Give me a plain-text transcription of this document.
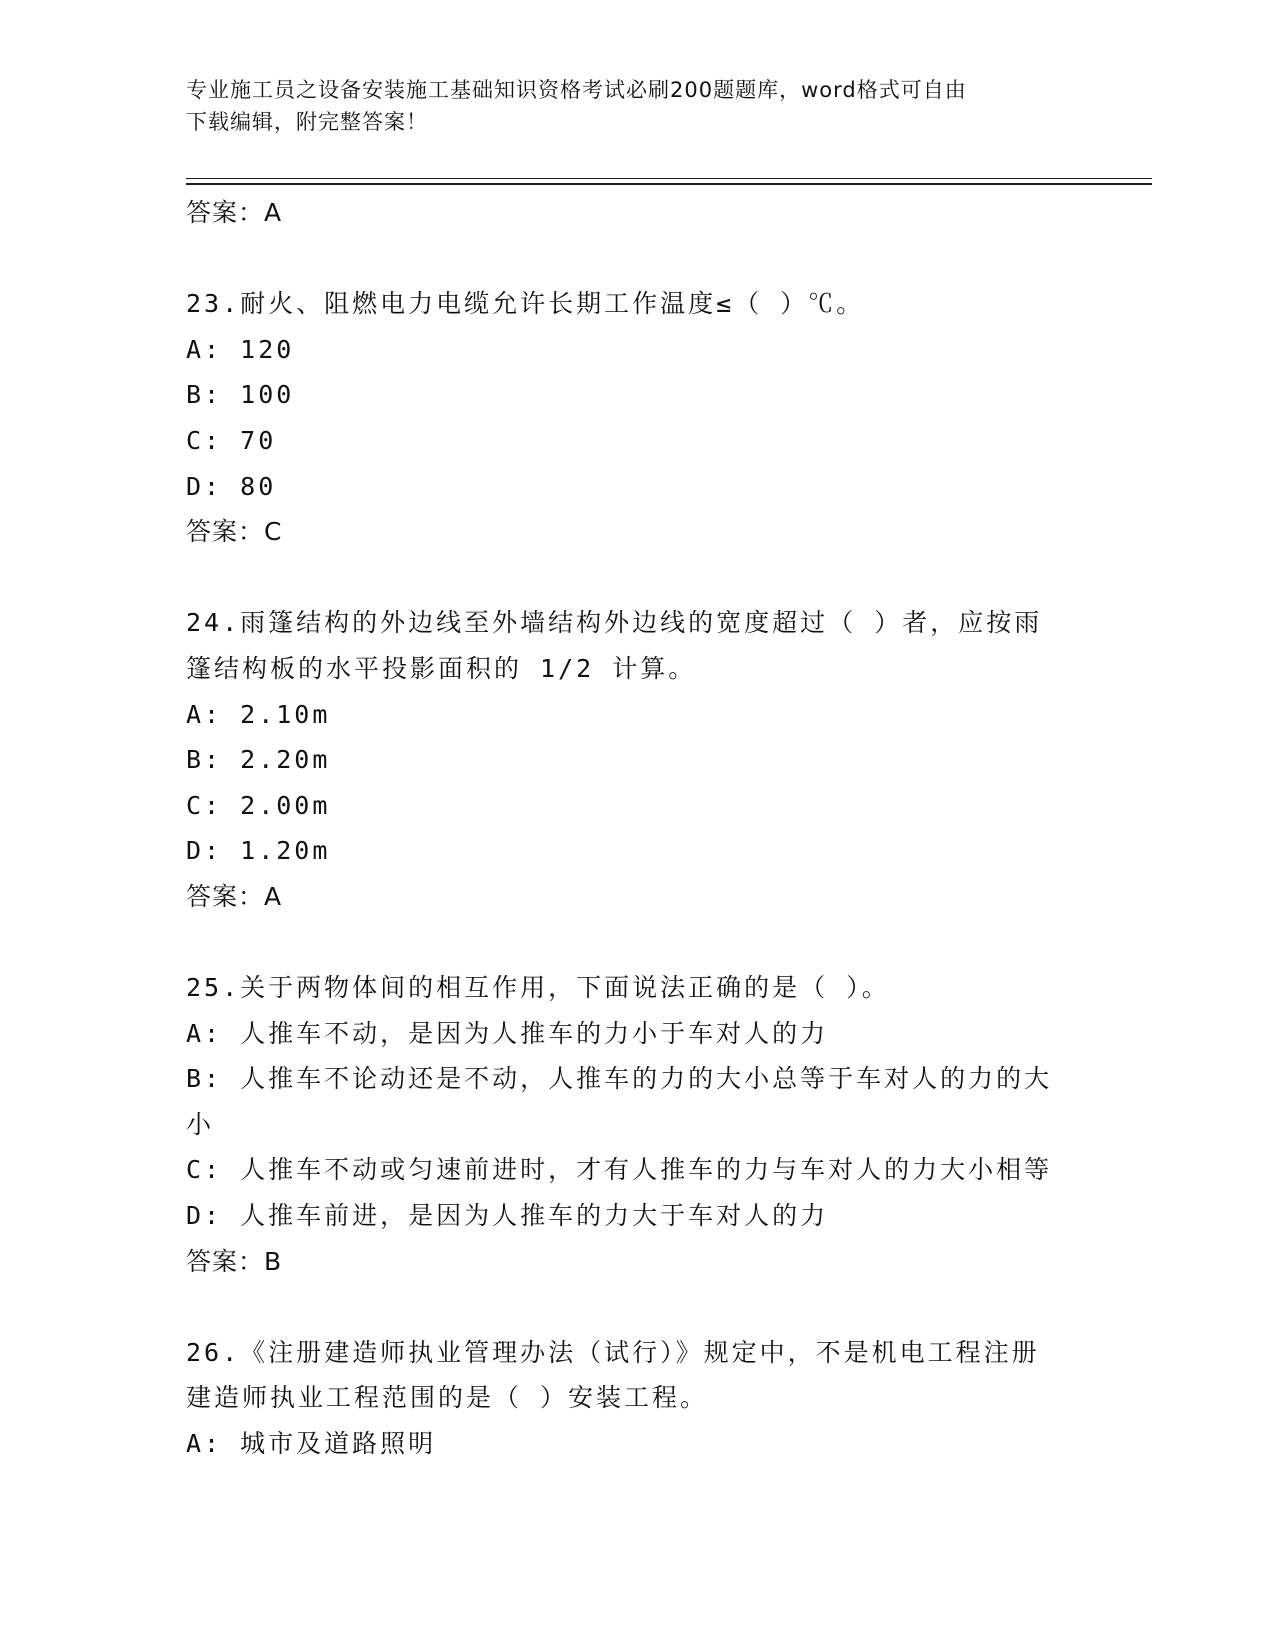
专业施工员之设备安装施工基础知识资格考试必刷200题题库，word格式可自由
下载编辑，附完整答案！

答案：A

23.耐火、阻燃电力电缆允许长期工作温度≤（ ）℃。

A: 120

B: 100

C: 70

D: 80

答案：C

24.雨篷结构的外边线至外墙结构外边线的宽度超过（ ）者，应按雨

篷结构板的水平投影面积的 1/2 计算。

A: 2.10m

B: 2.20m

C: 2.00m

D: 1.20m

答案：A

25.关于两物体间的相互作用，下面说法正确的是（ ）。

A: 人推车不动，是因为人推车的力小于车对人的力

B: 人推车不论动还是不动，人推车的力的大小总等于车对人的力的大

小

C: 人推车不动或匀速前进时，才有人推车的力与车对人的力大小相等

D: 人推车前进，是因为人推车的力大于车对人的力

答案：B

26.《注册建造师执业管理办法（试行）》规定中，不是机电工程注册

建造师执业工程范围的是（ ）安装工程。

A: 城市及道路照明
